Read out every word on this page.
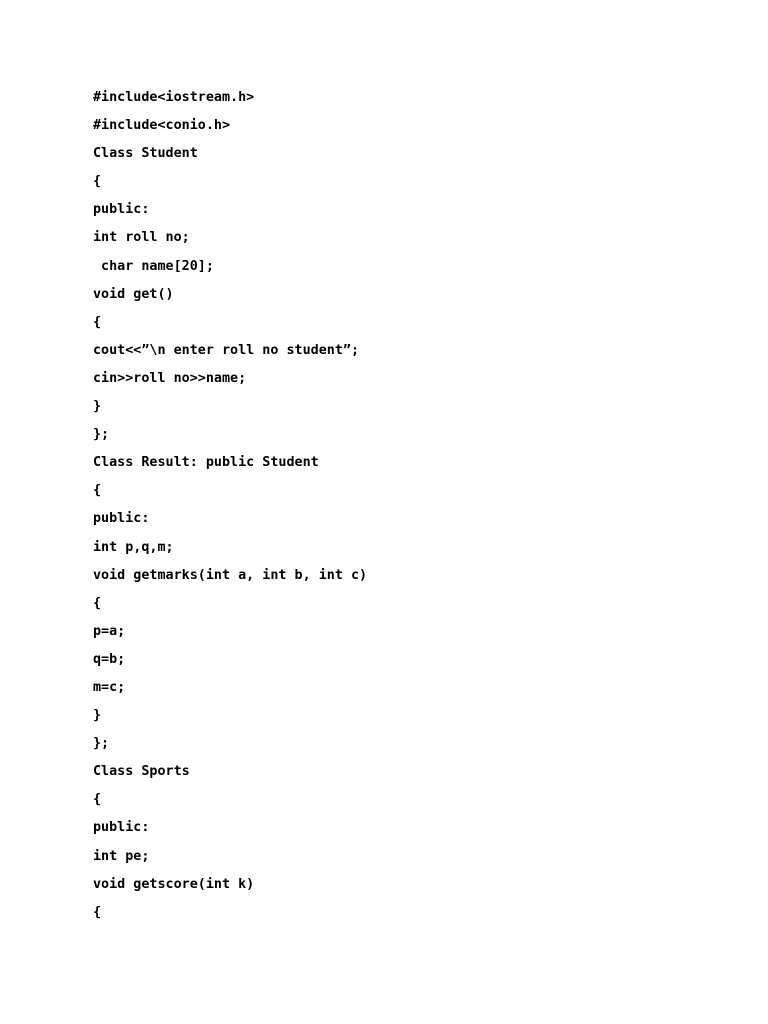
#include<iostream.h>
#include<conio.h>
Class Student
{
public:
int roll no;
char name[20];
void get()
{
cout<<”\n enter roll no student”;
cin>>roll no>>name;
}
};
Class Result: public Student
{
public:
int p,q,m;
void getmarks(int a, int b, int c)
{
p=a;
q=b;
m=c;
}
};
Class Sports
{
public:
int pe;
void getscore(int k)
{
